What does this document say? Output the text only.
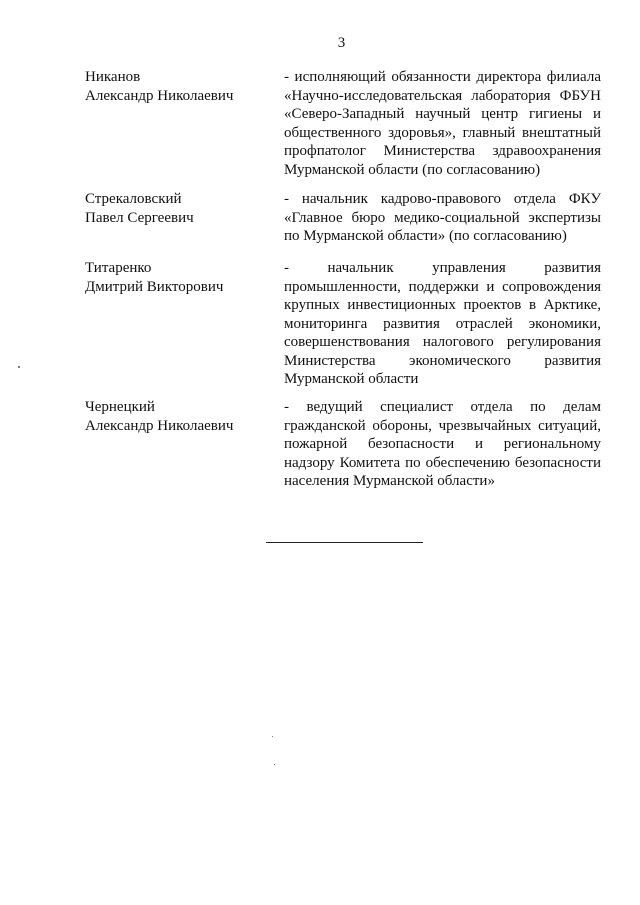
3
Никанов
Александр Николаевич
- исполняющий обязанности директора филиала «Научно-исследовательская лаборатория ФБУН «Северо-Западный научный центр гигиены и общественного здоровья», главный внештатный профпатолог Министерства здравоохранения Мурманской области (по согласованию)
Стрекаловский
Павел Сергеевич
- начальник кадрово-правового отдела ФКУ «Главное бюро медико-социальной экспертизы по Мурманской области» (по согласованию)
Титаренко
Дмитрий Викторович
- начальник управления развития промышленности, поддержки и сопровождения крупных инвестиционных проектов в Арктике, мониторинга развития отраслей экономики, совершенствования налогового регулирования Министерства экономического развития Мурманской области
Чернецкий
Александр Николаевич
- ведущий специалист отдела по делам гражданской обороны, чрезвычайных ситуаций, пожарной безопасности и региональному надзору Комитета по обеспечению безопасности населения Мурманской области»
